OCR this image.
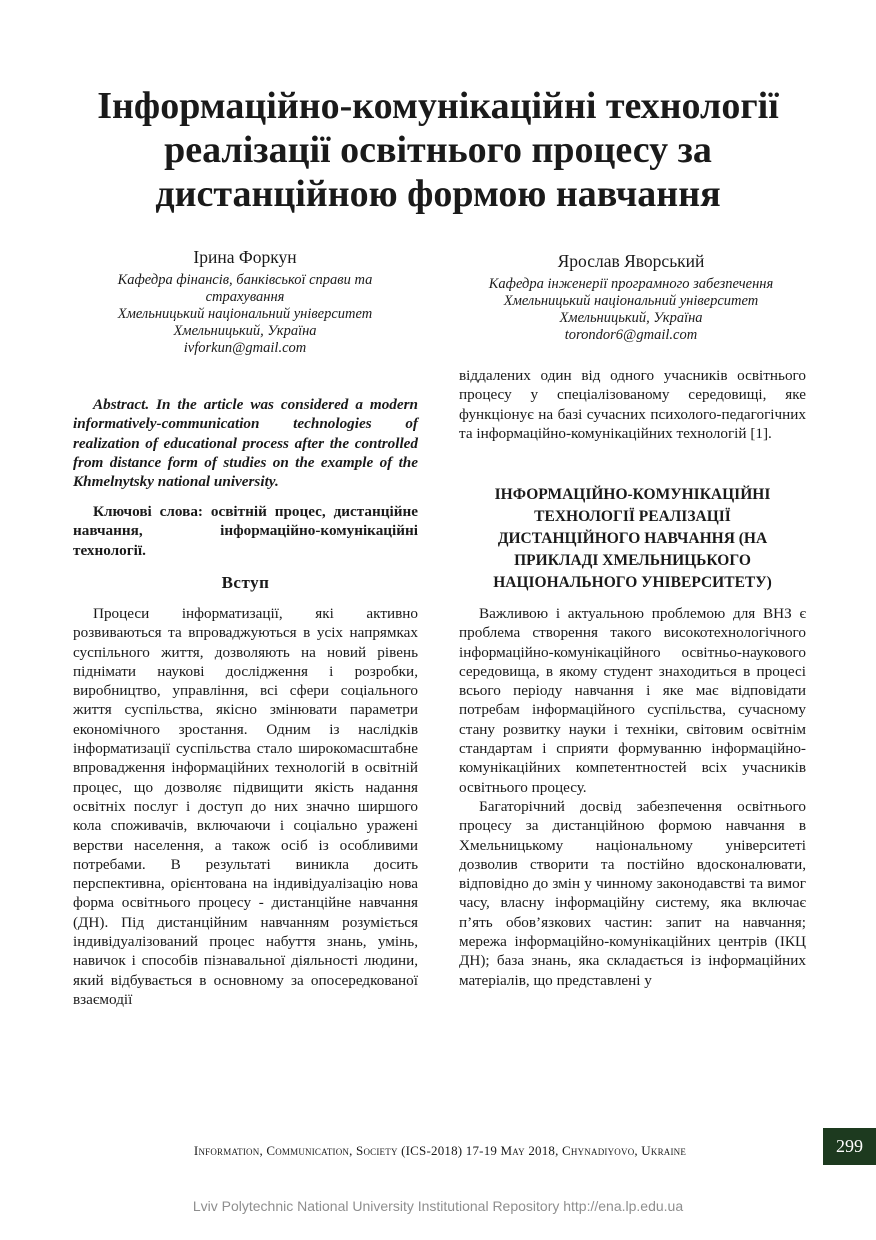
Інформаційно-комунікаційні технології
реалізації освітнього процесу за
дистанційною формою навчання
Ірина Форкун
Кафедра фінансів, банківської справи та
страхування
Хмельницький національний університет
Хмельницький, Україна
ivforkun@gmail.com
Ярослав Яворський
Кафедра інженерії програмного забезпечення
Хмельницький національний університет
Хмельницький, Україна
torondor6@gmail.com

Abstract. In the article was considered a modern informatively-communication technologies of realization of educational process after the controlled from distance form of studies on the example of the Khmelnytsky national university.

Ключові слова: освітній процес, дистанційне навчання, інформаційно-комунікаційні технології.

Вступ

Процеси інформатизації, які активно розвиваються та впроваджуються в усіх напрямках суспільного життя, дозволяють на новий рівень піднімати наукові дослідження і розробки, виробництво, управління, всі сфери соціального життя суспільства, якісно змінювати параметри економічного зростання. Одним із наслідків інформатизації суспільства стало широкомасштабне впровадження інформаційних технологій в освітній процес, що дозволяє підвищити якість надання освітніх послуг і доступ до них значно ширшого кола споживачів, включаючи і соціально уражені верстви населення, а також осіб із особливими потребами. В результаті виникла досить перспективна, орієнтована на індивідуалізацію нова форма освітнього процесу - дистанційне навчання (ДН). Під дистанційним навчанням розуміється індивідуалізований процес набуття знань, умінь, навичок і способів пізнавальної діяльності людини, який відбувається в основному за опосередкованої взаємодії

віддалених один від одного учасників освітнього процесу у спеціалізованому середовищі, яке функціонує на базі сучасних психолого-педагогічних та інформаційно-комунікаційних технологій [1].

ІНФОРМАЦІЙНО-КОМУНІКАЦІЙНІ
ТЕХНОЛОГІЇ РЕАЛІЗАЦІЇ
ДИСТАНЦІЙНОГО НАВЧАННЯ (НА
ПРИКЛАДІ ХМЕЛЬНИЦЬКОГО
НАЦІОНАЛЬНОГО УНІВЕРСИТЕТУ)

Важливою і актуальною проблемою для ВНЗ є проблема створення такого високотехнологічного інформаційно-комунікаційного освітньо-наукового середовища, в якому студент знаходиться в процесі всього періоду навчання і яке має відповідати потребам інформаційного суспільства, сучасному стану розвитку науки і техніки, світовим освітнім стандартам і сприяти формуванню інформаційно-комунікаційних компетентностей всіх учасників освітнього процесу.

Багаторічний досвід забезпечення освітнього процесу за дистанційною формою навчання в Хмельницькому національному університеті дозволив створити та постійно вдосконалювати, відповідно до змін у чинному законодавстві та вимог часу, власну інформаційну систему, яка включає п’ять обов’язкових частин: запит на навчання; мережа інформаційно-комунікаційних центрів (ІКЦ ДН); база знань, яка складається із інформаційних матеріалів, що представлені у

Information, Communication, Society (ICS-2018) 17-19 May 2018, Chynadiyovo, Ukraine	299
Lviv Polytechnic National University Institutional Repository http://ena.lp.edu.ua
